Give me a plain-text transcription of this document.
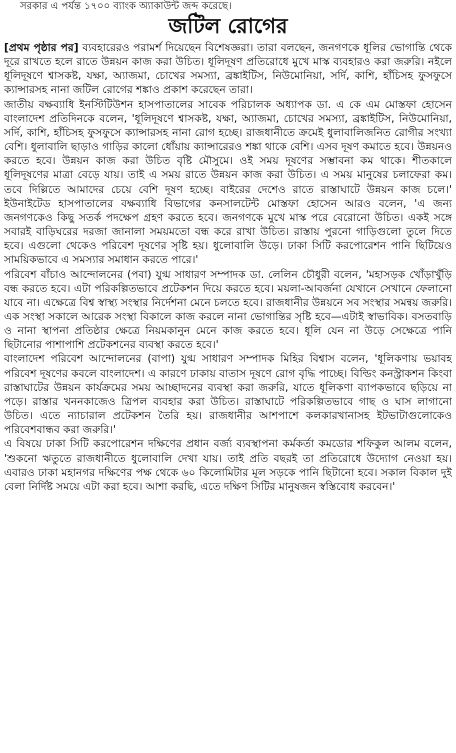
সরকার এ পর্যন্ত ১৭০০ ব্যাংক অ্যাকাউন্ট জব্দ করেছে।
জটিল রোগের

[প্রথম পৃষ্ঠার পর] ব্যবহারেরও পরামর্শ দিয়েছেন বিশেষজ্ঞরা। তারা বলছেন, জনগণকে ধূলির ভোগান্তি থেকে দূরে রাখতে হলে রাতে উন্নয়ন কাজ করা উচিত। ধূলিদূষণ প্রতিরোধে মুখে মাস্ক ব্যবহারও করা জরুরি। নইলে ধূলিদূষণে শ্বাসকষ্ট, যক্ষা, অ্যাজমা, চোখের সমস্যা, ব্রঙ্কাইটিস, নিউমোনিয়া, সর্দি, কাশি, হাঁচিসহ ফুসফুসে ক্যান্সারসহ নানা জটিল রোগের শঙ্কাও প্রকাশ করেছেন তারা।

জাতীয় বক্ষব্যাধি ইনস্টিটিউশন হাসপাতালের সাবেক পরিচালক অধ্যাপক ডা. এ কে এম মোস্তফা হোসেন বাংলাদেশ প্রতিদিনকে বলেন, 'ধূলিদূষণে শ্বাসকষ্ট, যক্ষা, অ্যাজমা, চোখের সমস্যা, ব্রঙ্কাইটিস, নিউমোনিয়া, সর্দি, কাশি, হাঁচিসহ ফুসফুসে ক্যান্সারসহ নানা রোগ হচ্ছে। রাজধানীতে ক্রমেই ধুলাবালিজনিত রোগীর সংখ্যা বেশি। ধুলাবালি ছাড়াও গাড়ির কালো ধোঁয়ায় ক্যান্সারেরও শঙ্কা থাকে বেশি। এসব দূষণ কমাতে হবে। উন্নয়নও করতে হবে। উন্নয়ন কাজ করা উচিত বৃষ্টি মৌসুমে। ওই সময় দূষণের সম্ভাবনা কম থাকে। শীতকালে ধূলিদূষণের মাত্রা বেড়ে যায়। তাই এ সময় রাতে উন্নয়ন কাজ করা উচিত। এ সময় মানুষের চলাফেরা কম। তবে দিল্লিতে আমাদের চেয়ে বেশি দূষণ হচ্ছে। বাইরের দেশেও রাতে রাস্তাঘাটে উন্নয়ন কাজ চলে।' ইউনাইটেড হাসপাতালের বক্ষব্যাধি বিভাগের কনসালটেন্ট মোস্তফা হোসেন আরও বলেন, 'এ জন্য জনগণকেও কিছু সতর্ক পদক্ষেপ গ্রহণ করতে হবে। জনগণকে মুখে মাস্ক পরে বেরোনো উচিত। একই সঙ্গে সবারই বাড়িঘরের দরজা জানালা সময়মতো বন্ধ করে রাখা উচিত। রাস্তায় পুরনো গাড়িগুলো তুলে দিতে হবে। এগুলো থেকেও পরিবেশ দূষণের সৃষ্টি হয়। ধুলোবালি উড়ে। ঢাকা সিটি করপোরেশন পানি ছিটিয়েও সাময়িকভাবে এ সমস্যার সমাধান করতে পারে।'

পরিবেশ বাঁচাও আন্দোলনের (পবা) যুগ্ম সাধারণ সম্পাদক ডা. লেলিন চৌধুরী বলেন, 'মহাসড়ক খোঁড়াখুঁড়ি বন্ধ করতে হবে। এটা পরিকল্পিতভাবে প্রটেকশন দিয়ে করতে হবে। ময়লা-আবর্জনা যেখানে সেখানে ফেলানো যাবে না। এক্ষেত্রে বিশ্ব স্বাস্থ্য সংস্থার নির্দেশনা মেনে চলতে হবে। রাজধানীর উন্নয়নে সব সংস্থার সমন্বয় জরুরি। এক সংস্থা সকালে আরেক সংস্থা বিকালে কাজ করলে নানা ভোগান্তির সৃষ্টি হবে—এটাই স্বাভাবিক। বসতবাড়ি ও নানা স্থাপনা প্রতিষ্ঠার ক্ষেত্রে নিয়মকানুন মেনে কাজ করতে হবে। ধূলি যেন না উড়ে সেক্ষেত্রে পানি ছিটানোর পাশাপাশি প্রটেকশনের ব্যবস্থা করতে হবে।'

বাংলাদেশ পরিবেশ আন্দোলনের (বাপা) যুগ্ম সাধারণ সম্পাদক মিহির বিশ্বাস বলেন, 'ধূলিকণায় ভয়াবহ পরিবেশ দূষণের কবলে বাংলাদেশ। এ কারণে ঢাকায় বাতাস দূষণে রোগ বৃদ্ধি পাচ্ছে। বিল্ডিং কনস্ট্রাকশন কিংবা রাস্তাঘাটের উন্নয়ন কার্যক্রমের সময় আচ্ছাদনের ব্যবস্থা করা জরুরি, যাতে ধূলিকণা ব্যাপকভাবে ছড়িয়ে না পড়ে। রাস্তার খননকাজেও ত্রিপল ব্যবহার করা উচিত। রাস্তাঘাটে পরিকল্পিতভাবে গাছ ও ঘাস লাগানো উচিত। এতে ন্যাচারাল প্রটেকশন তৈরি হয়। রাজধানীর আশপাশে কলকারখানাসহ ইটভাটাগুলোকেও পরিবেশবান্ধব করা জরুরি।'

এ বিষয়ে ঢাকা সিটি করপোরেশন দক্ষিণের প্রধান বর্জ্য ব্যবস্থাপনা কর্মকর্তা কমডোর শফিকুল আলম বলেন, 'শুকনো ঋতুতে রাজধানীতে ধুলোবালি দেখা যায়। তাই প্রতি বছরই তা প্রতিরোধে উদ্যোগ নেওয়া হয়। এবারও ঢাকা মহানগর দক্ষিণের পক্ষ থেকে ৬০ কিলোমিটার মূল সড়কে পানি ছিটানো হবে। সকাল বিকাল দুই বেলা নির্দিষ্ট সময়ে এটা করা হবে। আশা করছি, এতে দক্ষিণ সিটির মানুষজন স্বস্তিবোধ করবেন।'
